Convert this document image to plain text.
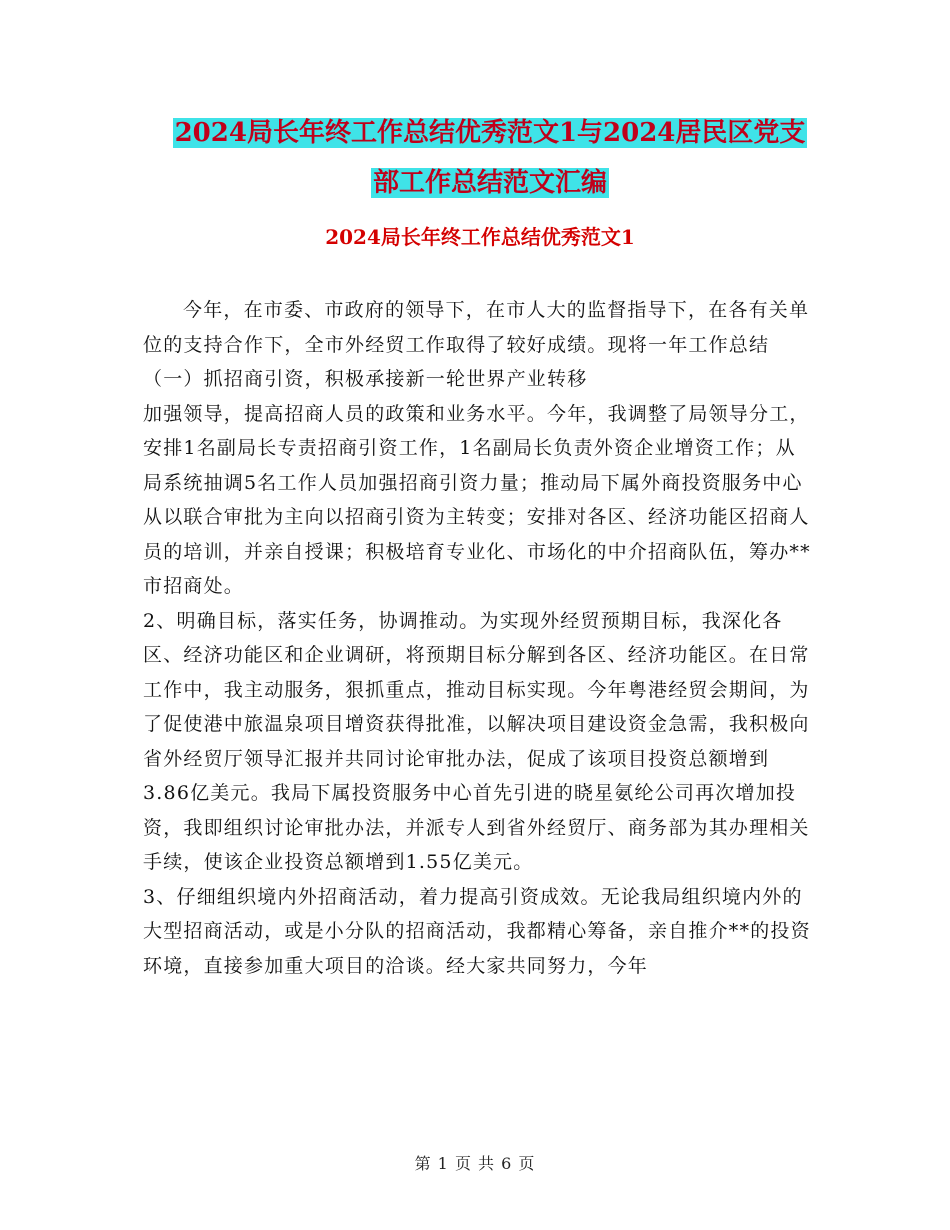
2024局长年终工作总结优秀范文1与2024居民区党支
部工作总结范文汇编
2024局长年终工作总结优秀范文1

今年，在市委、市政府的领导下，在市人大的监督指导下，在各有关单位的支持合作下，全市外经贸工作取得了较好成绩。现将一年工作总结

（一）抓招商引资，积极承接新一轮世界产业转移

加强领导，提高招商人员的政策和业务水平。今年，我调整了局领导分工，安排1名副局长专责招商引资工作，1名副局长负责外资企业增资工作；从局系统抽调5名工作人员加强招商引资力量；推动局下属外商投资服务中心从以联合审批为主向以招商引资为主转变；安排对各区、经济功能区招商人员的培训，并亲自授课；积极培育专业化、市场化的中介招商队伍，筹办**市招商处。

2、明确目标，落实任务，协调推动。为实现外经贸预期目标，我深化各区、经济功能区和企业调研，将预期目标分解到各区、经济功能区。在日常工作中，我主动服务，狠抓重点，推动目标实现。今年粤港经贸会期间，为了促使港中旅温泉项目增资获得批准，以解决项目建设资金急需，我积极向省外经贸厅领导汇报并共同讨论审批办法，促成了该项目投资总额增到3.86亿美元。我局下属投资服务中心首先引进的晓星氨纶公司再次增加投资，我即组织讨论审批办法，并派专人到省外经贸厅、商务部为其办理相关手续，使该企业投资总额增到1.55亿美元。

3、仔细组织境内外招商活动，着力提高引资成效。无论我局组织境内外的大型招商活动，或是小分队的招商活动，我都精心筹备，亲自推介**的投资环境，直接参加重大项目的洽谈。经大家共同努力，今年

第 1 页 共 6 页
